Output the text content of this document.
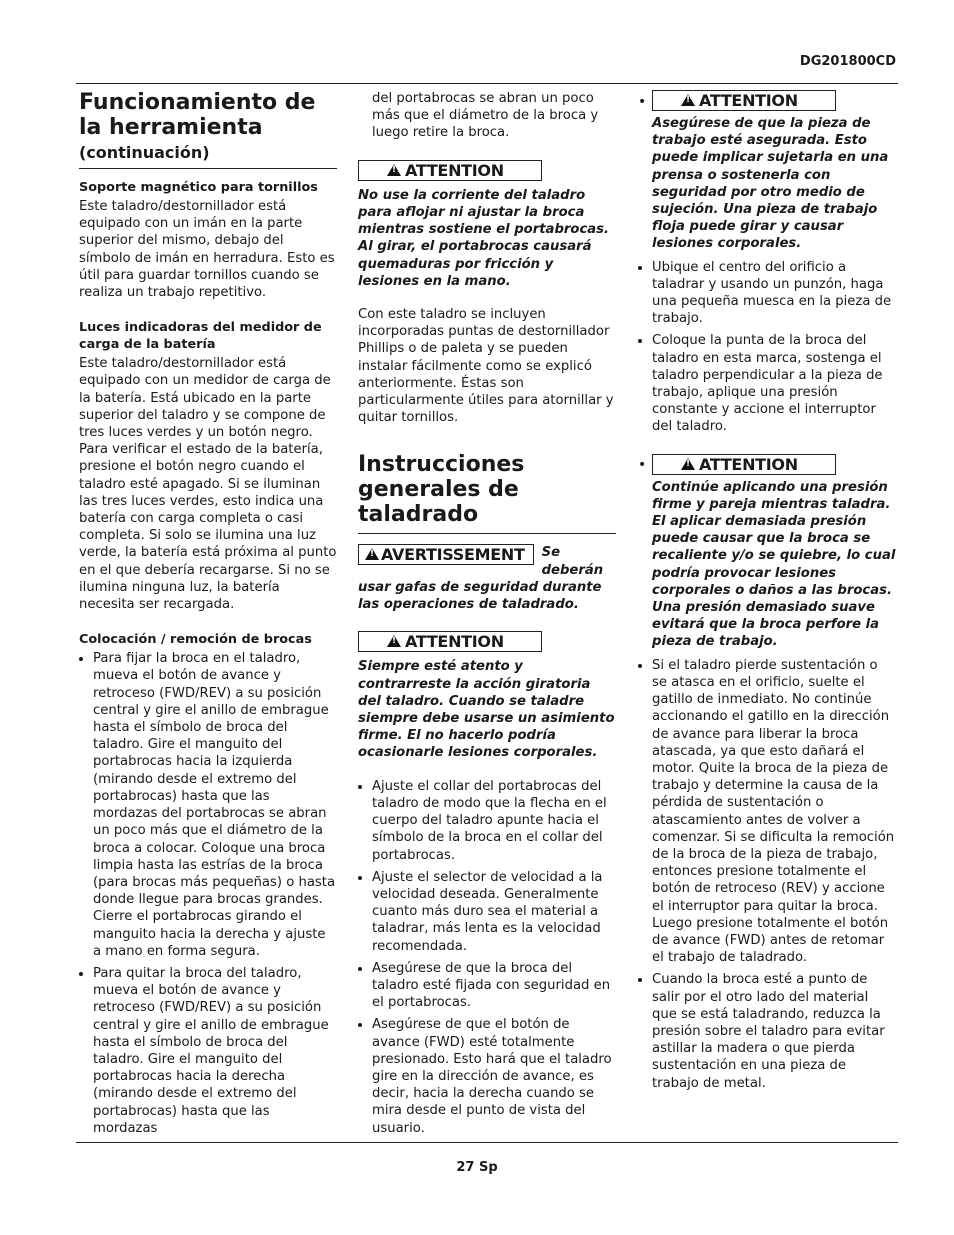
DG201800CD
Funcionamiento de la herramienta
(continuación)
Soporte magnético para tornillos

Este taladro/destornillador está equipado con un imán en la parte superior del mismo, debajo del símbolo de imán en herradura. Esto es útil para guardar tornillos cuando se realiza un trabajo repetitivo.

Luces indicadoras del medidor de carga de la batería

Este taladro/destornillador está equipado con un medidor de carga de la batería. Está ubicado en la parte superior del taladro y se compone de tres luces verdes y un botón negro. Para verificar el estado de la batería, presione el botón negro cuando el taladro esté apagado. Si se iluminan las tres luces verdes, esto indica una batería con carga completa o casi completa. Si solo se ilumina una luz verde, la batería está próxima al punto en el que debería recargarse. Si no se ilumina ninguna luz, la batería necesita ser recargada.

Colocación / remoción de brocas
• Para fijar la broca en el taladro, mueva el botón de avance y retroceso (FWD/REV) a su posición central y gire el anillo de embrague hasta el símbolo de broca del taladro. Gire el manguito del portabrocas hacia la izquierda (mirando desde el extremo del portabrocas) hasta que las mordazas del portabrocas se abran un poco más que el diámetro de la broca a colocar. Coloque una broca limpia hasta las estrías de la broca (para brocas más pequeñas) o hasta donde llegue para brocas grandes. Cierre el portabrocas girando el manguito hacia la derecha y ajuste a mano en forma segura.
• Para quitar la broca del taladro, mueva el botón de avance y retroceso (FWD/REV) a su posición central y gire el anillo de embrague hasta el símbolo de broca del taladro. Gire el manguito del portabrocas hacia la derecha (mirando desde el extremo del portabrocas) hasta que las mordazas

del portabrocas se abran un poco más que el diámetro de la broca y luego retire la broca.

!
ATTENTION

No use la corriente del taladro para aflojar ni ajustar la broca mientras sostiene el portabrocas. Al girar, el portabrocas causará quemaduras por fricción y lesiones en la mano.

Con este taladro se incluyen incorporadas puntas de destornillador Phillips o de paleta y se pueden instalar fácilmente como se explicó anteriormente. Éstas son particularmente útiles para atornillar y quitar tornillos.

Instrucciones generales de taladrado
!
AVERTISSEMENT	Se deberán usar gafas de seguridad durante las operaciones de taladrado.
!
ATTENTION

Siempre esté atento y contrarreste la acción giratoria del taladro. Cuando se taladre siempre debe usarse un asimiento firme. El no hacerlo podría ocasionarle lesiones corporales.

• Ajuste el collar del portabrocas del taladro de modo que la flecha en el cuerpo del taladro apunte hacia el símbolo de la broca en el collar del portabrocas.
• Ajuste el selector de velocidad a la velocidad deseada. Generalmente cuanto más duro sea el material a taladrar, más lenta es la velocidad recomendada.
• Asegúrese de que la broca del taladro esté fijada con seguridad en el portabrocas.
• Asegúrese de que el botón de avance (FWD) esté totalmente presionado. Esto hará que el taladro gire en la dirección de avance, es decir, hacia la derecha cuando se mira desde el punto de vista del usuario.
• !	ATTENTION

Asegúrese de que la pieza de trabajo esté asegurada. Esto puede implicar sujetarla en una prensa o sostenerla con seguridad por otro medio de sujeción. Una pieza de trabajo floja puede girar y causar lesiones corporales.

• Ubique el centro del orificio a taladrar y usando un punzón, haga una pequeña muesca en la pieza de trabajo.
• Coloque la punta de la broca del taladro en esta marca, sostenga el taladro perpendicular a la pieza de trabajo, aplique una presión constante y accione el interruptor del taladro.
• !	ATTENTION

Continúe aplicando una presión firme y pareja mientras taladra. El aplicar demasiada presión puede causar que la broca se recaliente y/o se quiebre, lo cual podría provocar lesiones corporales o daños a las brocas. Una presión demasiado suave evitará que la broca perfore la pieza de trabajo.

• Si el taladro pierde sustentación o se atasca en el orificio, suelte el gatillo de inmediato. No continúe accionando el gatillo en la dirección de avance para liberar la broca atascada, ya que esto dañará el motor. Quite la broca de la pieza de trabajo y determine la causa de la pérdida de sustentación o atascamiento antes de volver a comenzar. Si se dificulta la remoción de la broca de la pieza de trabajo, entonces presione totalmente el botón de retroceso (REV) y accione el interruptor para quitar la broca. Luego presione totalmente el botón de avance (FWD) antes de retomar el trabajo de taladrado.
• Cuando la broca esté a punto de salir por el otro lado del material que se está taladrando, reduzca la presión sobre el taladro para evitar astillar la madera o que pierda sustentación en una pieza de trabajo de metal.
27 Sp
